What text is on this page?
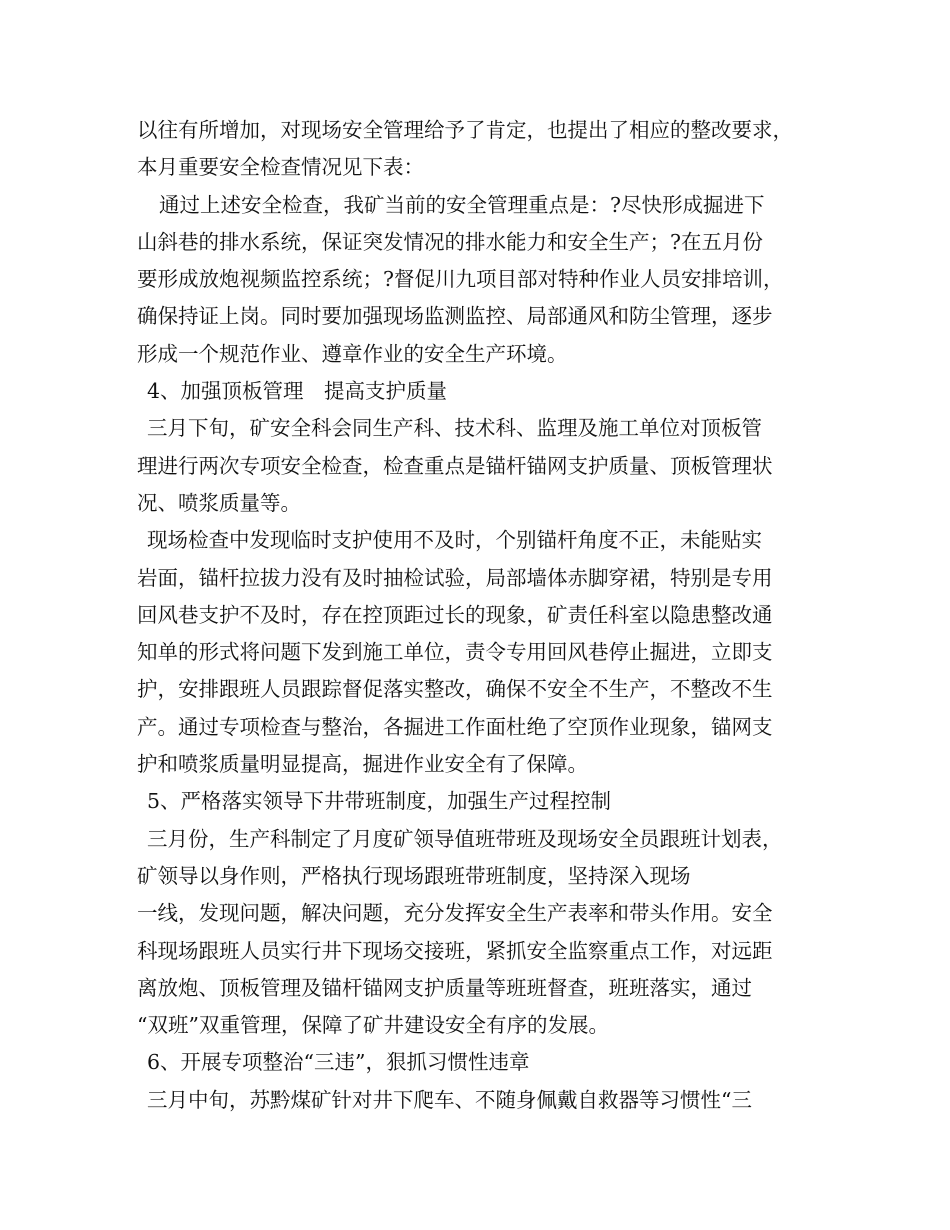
以往有所增加，对现场安全管理给予了肯定，也提出了相应的整改要求，
本月重要安全检查情况见下表：
通过上述安全检查，我矿当前的安全管理重点是：?尽快形成掘进下
山斜巷的排水系统，保证突发情况的排水能力和安全生产；?在五月份
要形成放炮视频监控系统；?督促川九项目部对特种作业人员安排培训，
确保持证上岗。同时要加强现场监测监控、局部通风和防尘管理，逐步
形成一个规范作业、遵章作业的安全生产环境。
4、加强顶板管理　提高支护质量
三月下旬，矿安全科会同生产科、技术科、监理及施工单位对顶板管
理进行两次专项安全检查，检查重点是锚杆锚网支护质量、顶板管理状
况、喷浆质量等。
现场检查中发现临时支护使用不及时，个别锚杆角度不正，未能贴实
岩面，锚杆拉拔力没有及时抽检试验，局部墙体赤脚穿裙，特别是专用
回风巷支护不及时，存在控顶距过长的现象，矿责任科室以隐患整改通
知单的形式将问题下发到施工单位，责令专用回风巷停止掘进，立即支
护，安排跟班人员跟踪督促落实整改，确保不安全不生产，不整改不生
产。通过专项检查与整治，各掘进工作面杜绝了空顶作业现象，锚网支
护和喷浆质量明显提高，掘进作业安全有了保障。
5、严格落实领导下井带班制度，加强生产过程控制
三月份，生产科制定了月度矿领导值班带班及现场安全员跟班计划表，
矿领导以身作则，严格执行现场跟班带班制度，坚持深入现场
一线，发现问题，解决问题，充分发挥安全生产表率和带头作用。安全
科现场跟班人员实行井下现场交接班，紧抓安全监察重点工作，对远距
离放炮、顶板管理及锚杆锚网支护质量等班班督查，班班落实，通过
“双班”双重管理，保障了矿井建设安全有序的发展。
6、开展专项整治“三违”，狠抓习惯性违章
三月中旬，苏黔煤矿针对井下爬车、不随身佩戴自救器等习惯性“三
